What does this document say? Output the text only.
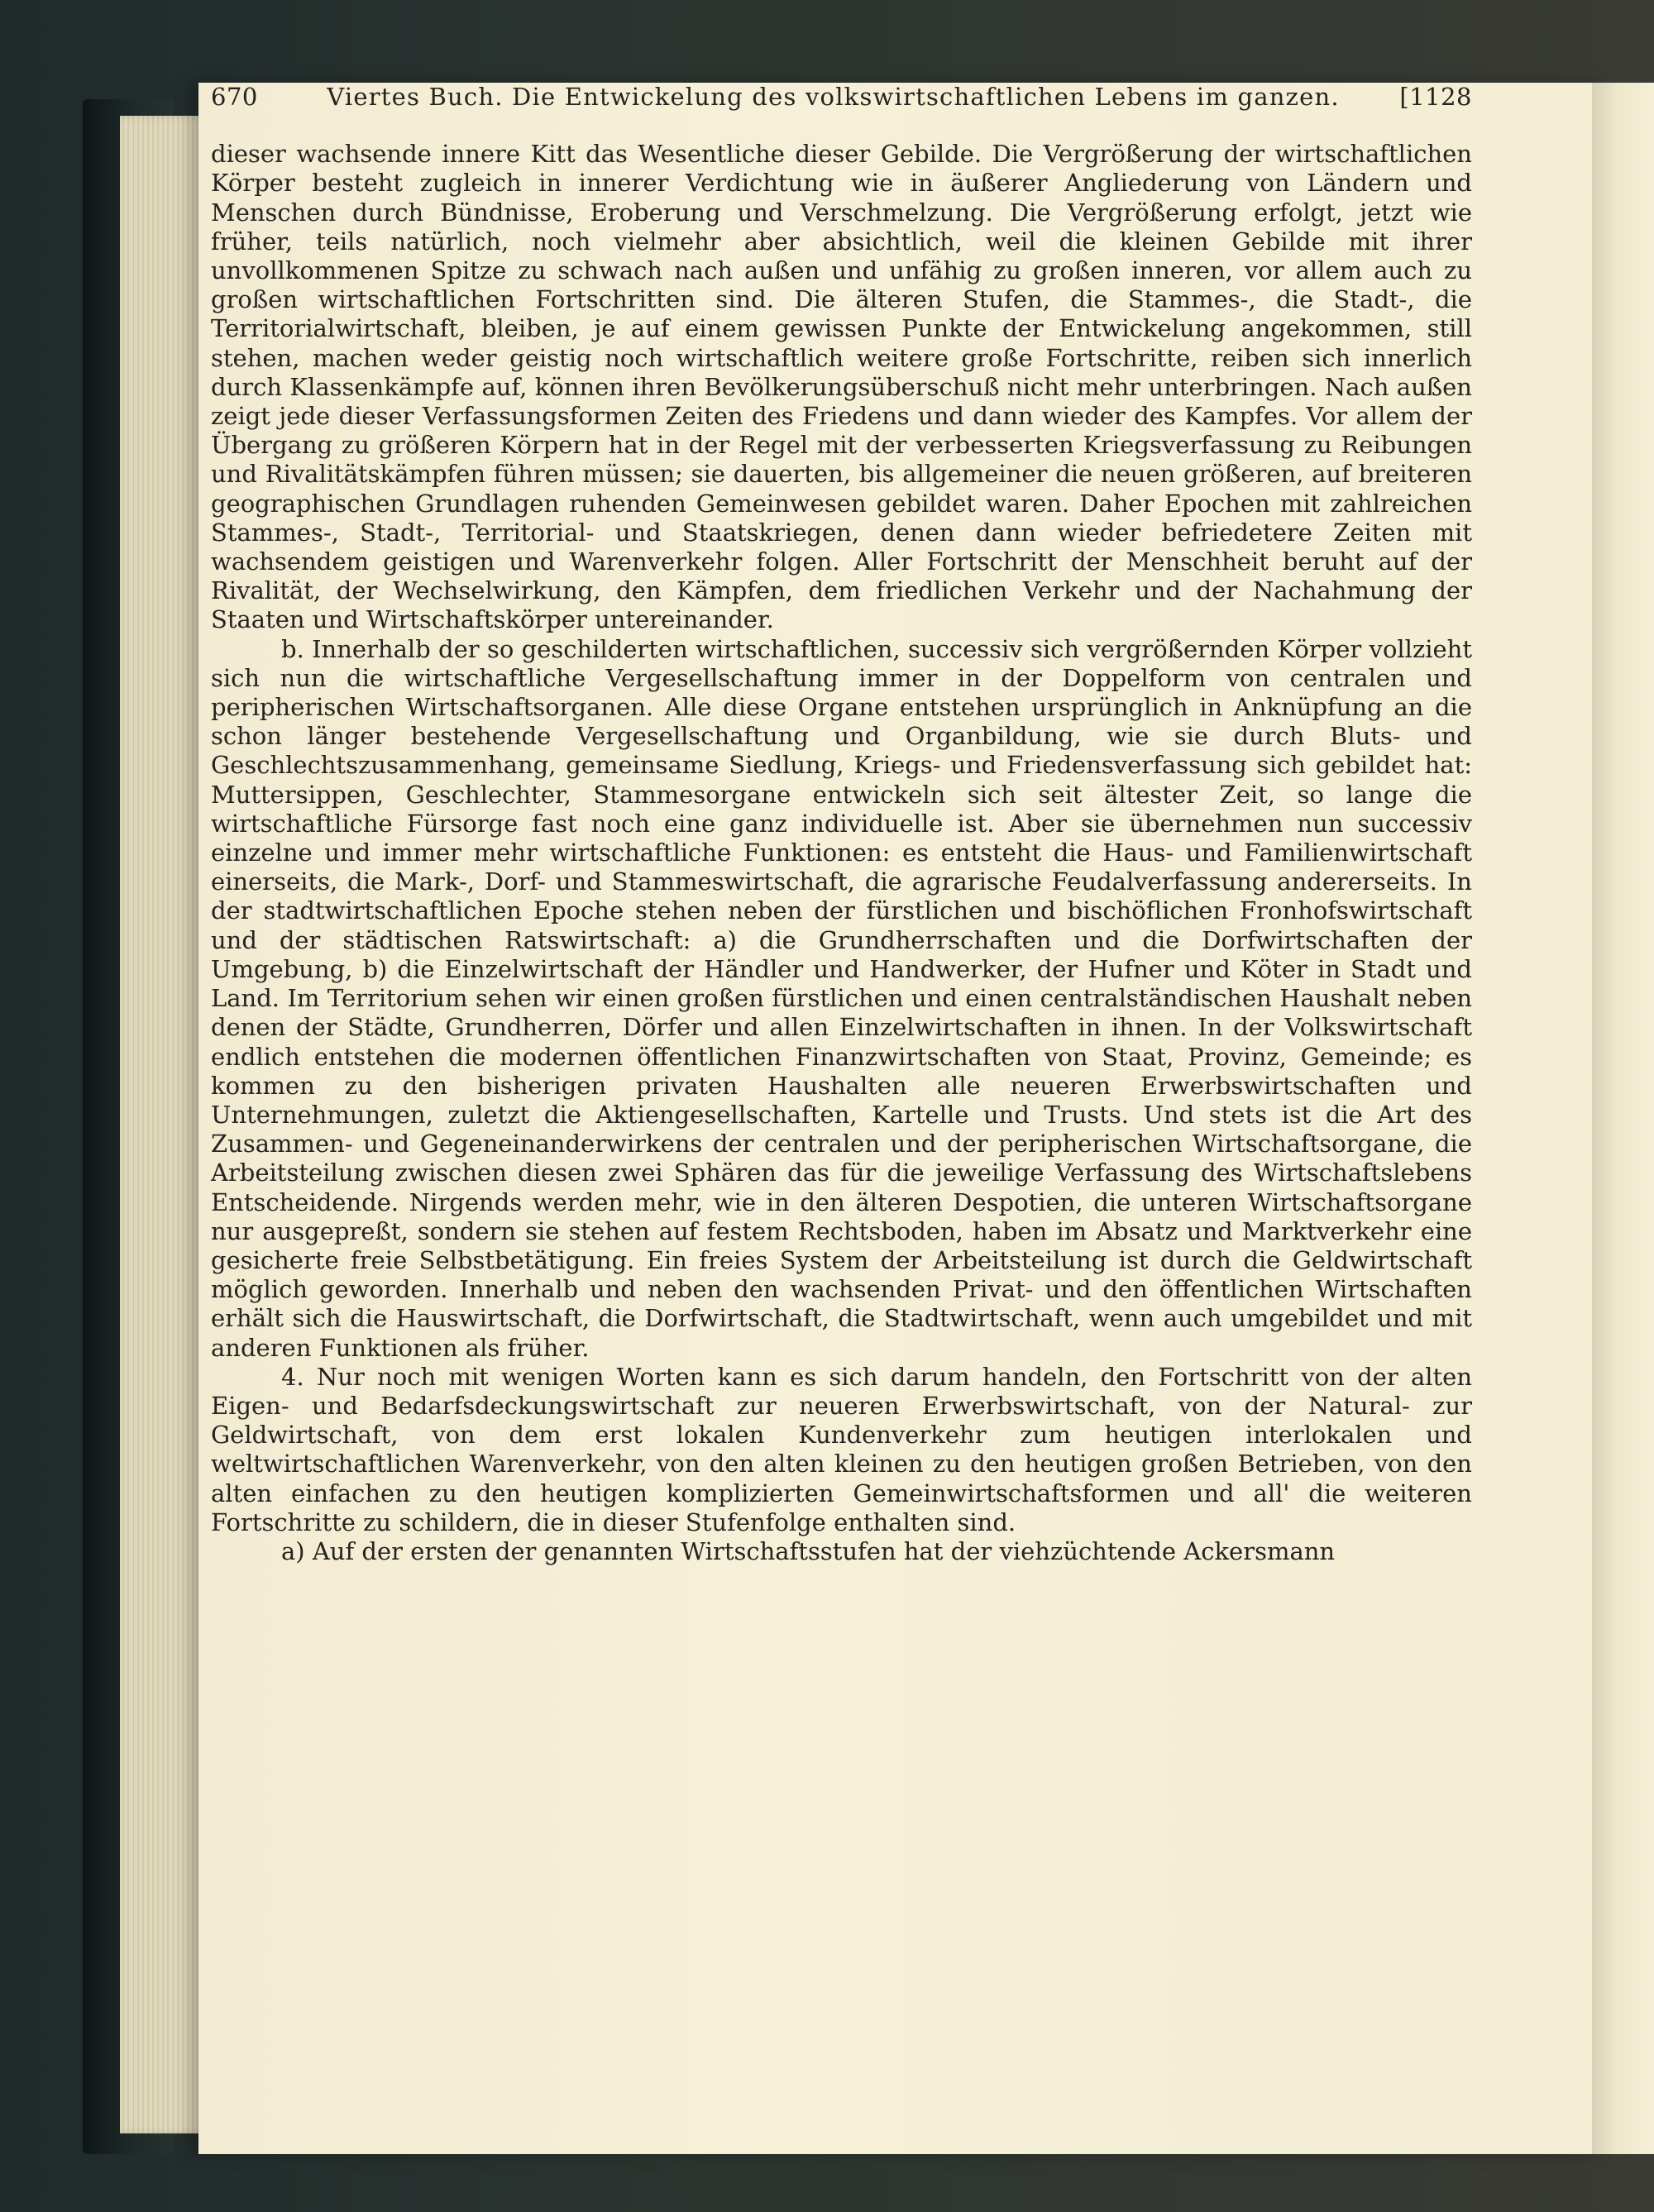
670	Viertes Buch. Die Entwickelung des volkswirtschaftlichen Lebens im ganzen.	[1128

dieser wachsende innere Kitt das Wesentliche dieser Gebilde. Die Vergrößerung der wirtschaftlichen Körper besteht zugleich in innerer Verdichtung wie in äußerer Angliederung von Ländern und Menschen durch Bündnisse, Eroberung und Verschmelzung. Die Vergrößerung erfolgt, jetzt wie früher, teils natürlich, noch vielmehr aber absichtlich, weil die kleinen Gebilde mit ihrer unvollkommenen Spitze zu schwach nach außen und unfähig zu großen inneren, vor allem auch zu großen wirtschaftlichen Fortschritten sind. Die älteren Stufen, die Stammes-, die Stadt-, die Territorialwirtschaft, bleiben, je auf einem gewissen Punkte der Entwickelung angekommen, still stehen, machen weder geistig noch wirtschaftlich weitere große Fortschritte, reiben sich innerlich durch Klassenkämpfe auf, können ihren Bevölkerungsüberschuß nicht mehr unterbringen. Nach außen zeigt jede dieser Verfassungsformen Zeiten des Friedens und dann wieder des Kampfes. Vor allem der Übergang zu größeren Körpern hat in der Regel mit der verbesserten Kriegsverfassung zu Reibungen und Rivalitätskämpfen führen müssen; sie dauerten, bis allgemeiner die neuen größeren, auf breiteren geographischen Grundlagen ruhenden Gemeinwesen gebildet waren. Daher Epochen mit zahlreichen Stammes-, Stadt-, Territorial- und Staatskriegen, denen dann wieder befriedetere Zeiten mit wachsendem geistigen und Warenverkehr folgen. Aller Fortschritt der Menschheit beruht auf der Rivalität, der Wechselwirkung, den Kämpfen, dem friedlichen Verkehr und der Nachahmung der Staaten und Wirtschaftskörper untereinander.

b. Innerhalb der so geschilderten wirtschaftlichen, successiv sich vergrößernden Körper vollzieht sich nun die wirtschaftliche Vergesellschaftung immer in der Doppelform von centralen und peripherischen Wirtschaftsorganen. Alle diese Organe entstehen ursprünglich in Anknüpfung an die schon länger bestehende Vergesellschaftung und Organbildung, wie sie durch Bluts- und Geschlechtszusammenhang, gemeinsame Siedlung, Kriegs- und Friedensverfassung sich gebildet hat: Muttersippen, Geschlechter, Stammesorgane entwickeln sich seit ältester Zeit, so lange die wirtschaftliche Fürsorge fast noch eine ganz individuelle ist. Aber sie übernehmen nun successiv einzelne und immer mehr wirtschaftliche Funktionen: es entsteht die Haus- und Familienwirtschaft einerseits, die Mark-, Dorf- und Stammeswirtschaft, die agrarische Feudalverfassung andererseits. In der stadtwirtschaftlichen Epoche stehen neben der fürstlichen und bischöflichen Fronhofswirtschaft und der städtischen Ratswirtschaft: a) die Grundherrschaften und die Dorfwirtschaften der Umgebung, b) die Einzelwirtschaft der Händler und Handwerker, der Hufner und Köter in Stadt und Land. Im Territorium sehen wir einen großen fürstlichen und einen centralständischen Haushalt neben denen der Städte, Grundherren, Dörfer und allen Einzelwirtschaften in ihnen. In der Volkswirtschaft endlich entstehen die modernen öffentlichen Finanzwirtschaften von Staat, Provinz, Gemeinde; es kommen zu den bisherigen privaten Haushalten alle neueren Erwerbswirtschaften und Unternehmungen, zuletzt die Aktiengesellschaften, Kartelle und Trusts. Und stets ist die Art des Zusammen- und Gegeneinanderwirkens der centralen und der peripherischen Wirtschaftsorgane, die Arbeitsteilung zwischen diesen zwei Sphären das für die jeweilige Verfassung des Wirtschaftslebens Entscheidende. Nirgends werden mehr, wie in den älteren Despotien, die unteren Wirtschaftsorgane nur ausgepreßt, sondern sie stehen auf festem Rechtsboden, haben im Absatz und Marktverkehr eine gesicherte freie Selbstbetätigung. Ein freies System der Arbeitsteilung ist durch die Geldwirtschaft möglich geworden. Innerhalb und neben den wachsenden Privat- und den öffentlichen Wirtschaften erhält sich die Hauswirtschaft, die Dorfwirtschaft, die Stadtwirtschaft, wenn auch umgebildet und mit anderen Funktionen als früher.

4. Nur noch mit wenigen Worten kann es sich darum handeln, den Fortschritt von der alten Eigen- und Bedarfsdeckungswirtschaft zur neueren Erwerbswirtschaft, von der Natural- zur Geldwirtschaft, von dem erst lokalen Kundenverkehr zum heutigen interlokalen und weltwirtschaftlichen Warenverkehr, von den alten kleinen zu den heutigen großen Betrieben, von den alten einfachen zu den heutigen komplizierten Gemeinwirtschaftsformen und all' die weiteren Fortschritte zu schildern, die in dieser Stufenfolge enthalten sind.

a) Auf der ersten der genannten Wirtschaftsstufen hat der viehzüchtende Ackersmann
